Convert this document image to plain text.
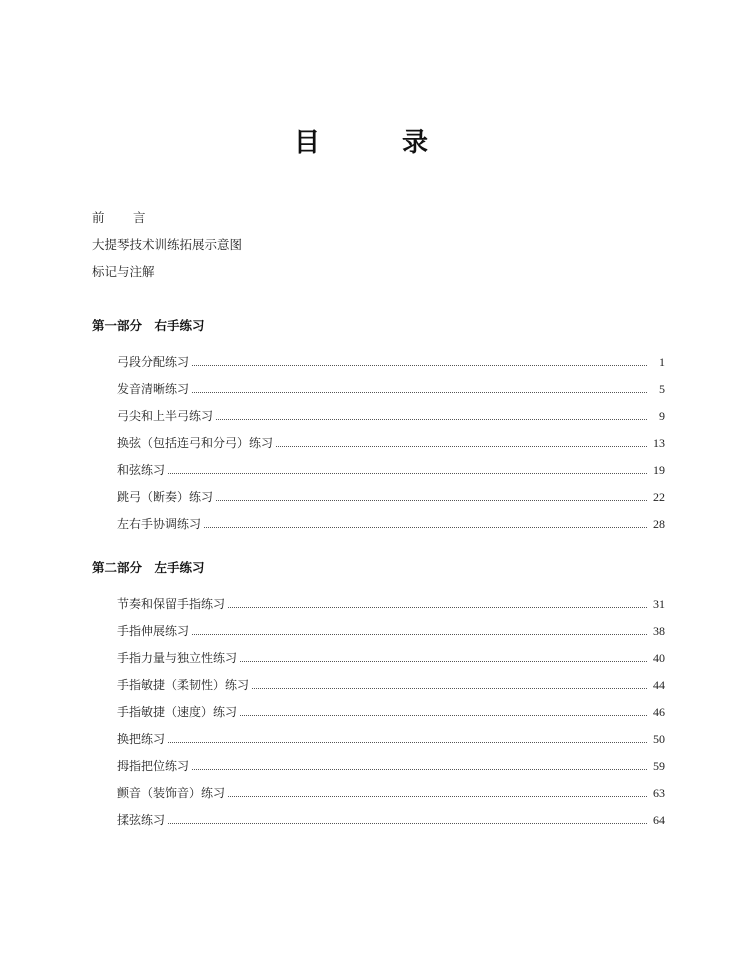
目　录
前　言
大提琴技术训练拓展示意图
标记与注解
第一部分　右手练习
弓段分配练习	1
发音清晰练习	5
弓尖和上半弓练习	9
换弦（包括连弓和分弓）练习	13
和弦练习	19
跳弓（断奏）练习	22
左右手协调练习	28
第二部分　左手练习
节奏和保留手指练习	31
手指伸展练习	38
手指力量与独立性练习	40
手指敏捷（柔韧性）练习	44
手指敏捷（速度）练习	46
换把练习	50
拇指把位练习	59
颤音（装饰音）练习	63
揉弦练习	64
